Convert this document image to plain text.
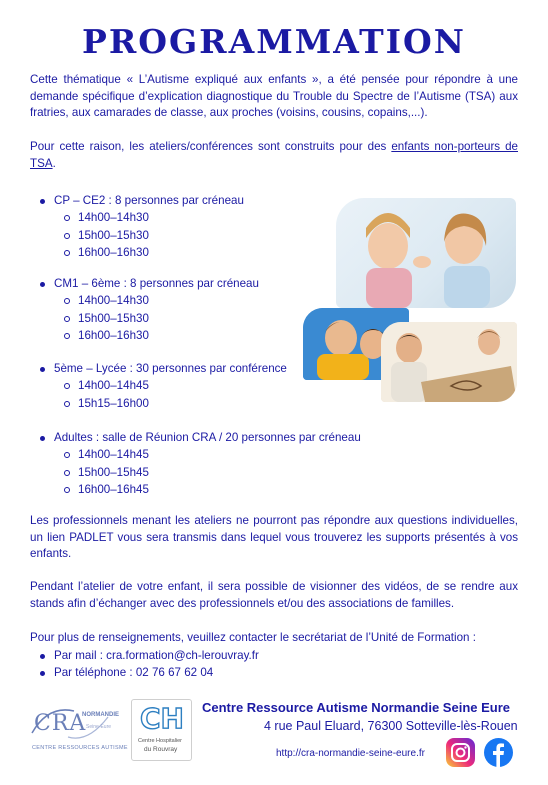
PROGRAMMATION
Cette thématique « L’Autisme expliqué aux enfants », a été pensée pour répondre à une demande spécifique d’explication diagnostique du Trouble du Spectre de l’Autisme (TSA) aux fratries, aux camarades de classe, aux proches (voisins, cousins, copains,...).
Pour cette raison, les ateliers/conférences sont construits pour des enfants non-porteurs de TSA.
CP – CE2 : 8 personnes par créneau
14h00–14h30
15h00–15h30
16h00–16h30
CM1 – 6ème : 8 personnes par créneau
14h00–14h30
15h00–15h30
16h00–16h30
5ème – Lycée : 30 personnes par conférence
14h00–14h45
15h15–16h00
Adultes : salle de Réunion CRA / 20 personnes par créneau
14h00–14h45
15h00–15h45
16h00–16h45
Les professionnels menant les ateliers ne pourront pas répondre aux questions individuelles, un lien PADLET vous sera transmis dans lequel vous trouverez les supports présentés à vos enfants.
Pendant l’atelier de votre enfant, il sera possible de visionner des vidéos, de se rendre aux stands afin d’échanger avec des professionnels et/ou des associations de familles.
Pour plus de renseignements, veuillez contacter le secrétariat de l’Unité de Formation :
Par mail : cra.formation@ch-lerouvray.fr
Par téléphone : 02 76 67 62 04
CRA
NORMANDIE
Seine-Eure
CENTRE RESSOURCES AUTISME
CH
Centre Hospitalier
du Rouvray
Centre Ressource Autisme Normandie Seine Eure
4 rue Paul Eluard, 76300 Sotteville-lès-Rouen
http://cra-normandie-seine-eure.fr
